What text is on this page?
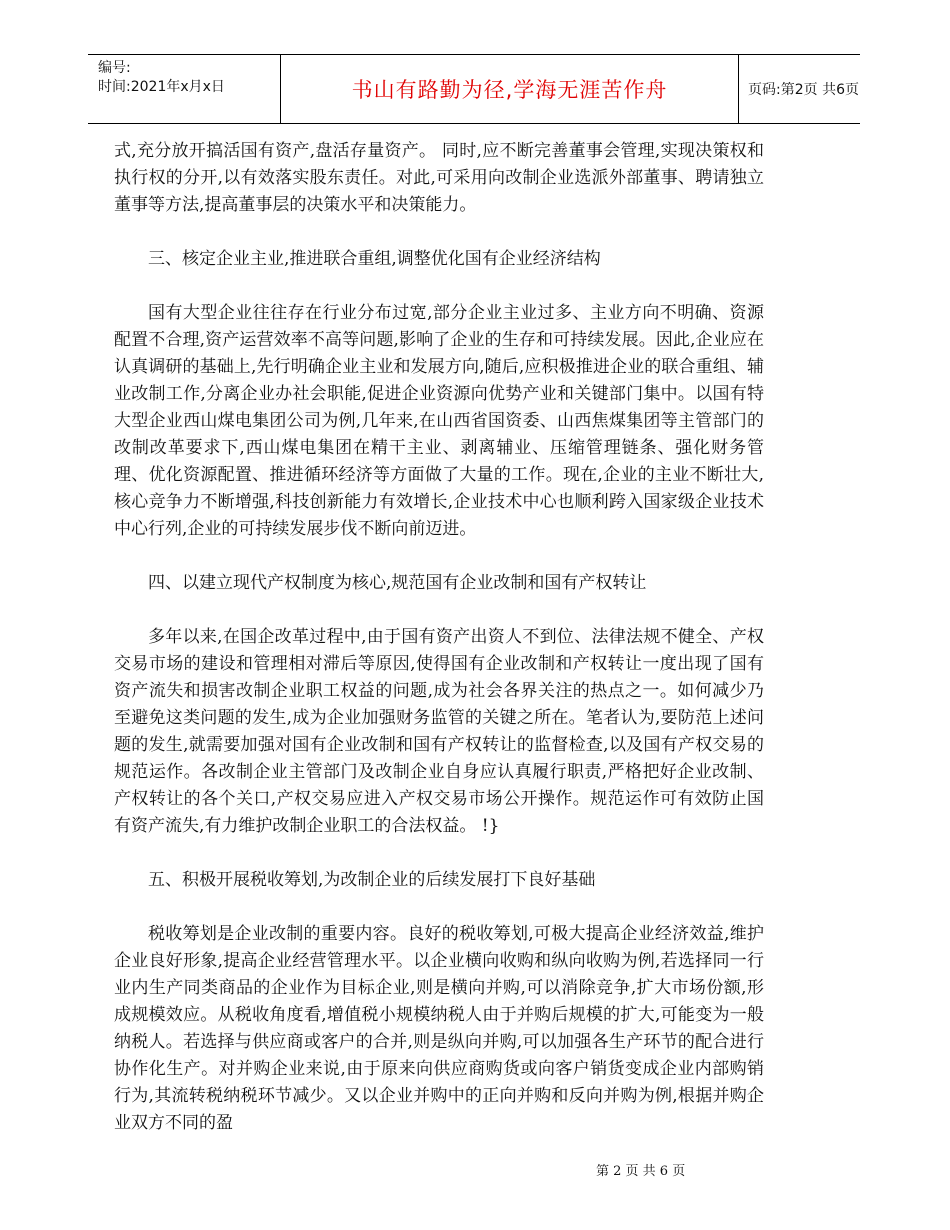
编号:
时间:2021年x月x日	书山有路勤为径,学海无涯苦作舟	页码:第2页 共6页

式,充分放开搞活国有资产,盘活存量资产。 同时,应不断完善董事会管理,实现决策权和执行权的分开,以有效落实股东责任。对此,可采用向改制企业选派外部董事、聘请独立董事等方法,提高董事层的决策水平和决策能力。

三、核定企业主业,推进联合重组,调整优化国有企业经济结构

国有大型企业往往存在行业分布过宽,部分企业主业过多、主业方向不明确、资源配置不合理,资产运营效率不高等问题,影响了企业的生存和可持续发展。因此,企业应在认真调研的基础上,先行明确企业主业和发展方向,随后,应积极推进企业的联合重组、辅业改制工作,分离企业办社会职能,促进企业资源向优势产业和关键部门集中。以国有特大型企业西山煤电集团公司为例,几年来,在山西省国资委、山西焦煤集团等主管部门的改制改革要求下,西山煤电集团在精干主业、剥离辅业、压缩管理链条、强化财务管理、优化资源配置、推进循环经济等方面做了大量的工作。现在,企业的主业不断壮大,核心竞争力不断增强,科技创新能力有效增长,企业技术中心也顺利跨入国家级企业技术中心行列,企业的可持续发展步伐不断向前迈进。

四、以建立现代产权制度为核心,规范国有企业改制和国有产权转让

多年以来,在国企改革过程中,由于国有资产出资人不到位、法律法规不健全、产权交易市场的建设和管理相对滞后等原因,使得国有企业改制和产权转让一度出现了国有资产流失和损害改制企业职工权益的问题,成为社会各界关注的热点之一。如何减少乃至避免这类问题的发生,成为企业加强财务监管的关键之所在。笔者认为,要防范上述问题的发生,就需要加强对国有企业改制和国有产权转让的监督检查,以及国有产权交易的规范运作。各改制企业主管部门及改制企业自身应认真履行职责,严格把好企业改制、产权转让的各个关口,产权交易应进入产权交易市场公开操作。规范运作可有效防止国有资产流失,有力维护改制企业职工的合法权益。 !}

五、积极开展税收筹划,为改制企业的后续发展打下良好基础

税收筹划是企业改制的重要内容。良好的税收筹划,可极大提高企业经济效益,维护企业良好形象,提高企业经营管理水平。以企业横向收购和纵向收购为例,若选择同一行业内生产同类商品的企业作为目标企业,则是横向并购,可以消除竞争,扩大市场份额,形成规模效应。从税收角度看,增值税小规模纳税人由于并购后规模的扩大,可能变为一般纳税人。若选择与供应商或客户的合并,则是纵向并购,可以加强各生产环节的配合进行协作化生产。对并购企业来说,由于原来向供应商购货或向客户销货变成企业内部购销行为,其流转税纳税环节减少。又以企业并购中的正向并购和反向并购为例,根据并购企业双方不同的盈

第 2 页 共 6 页
